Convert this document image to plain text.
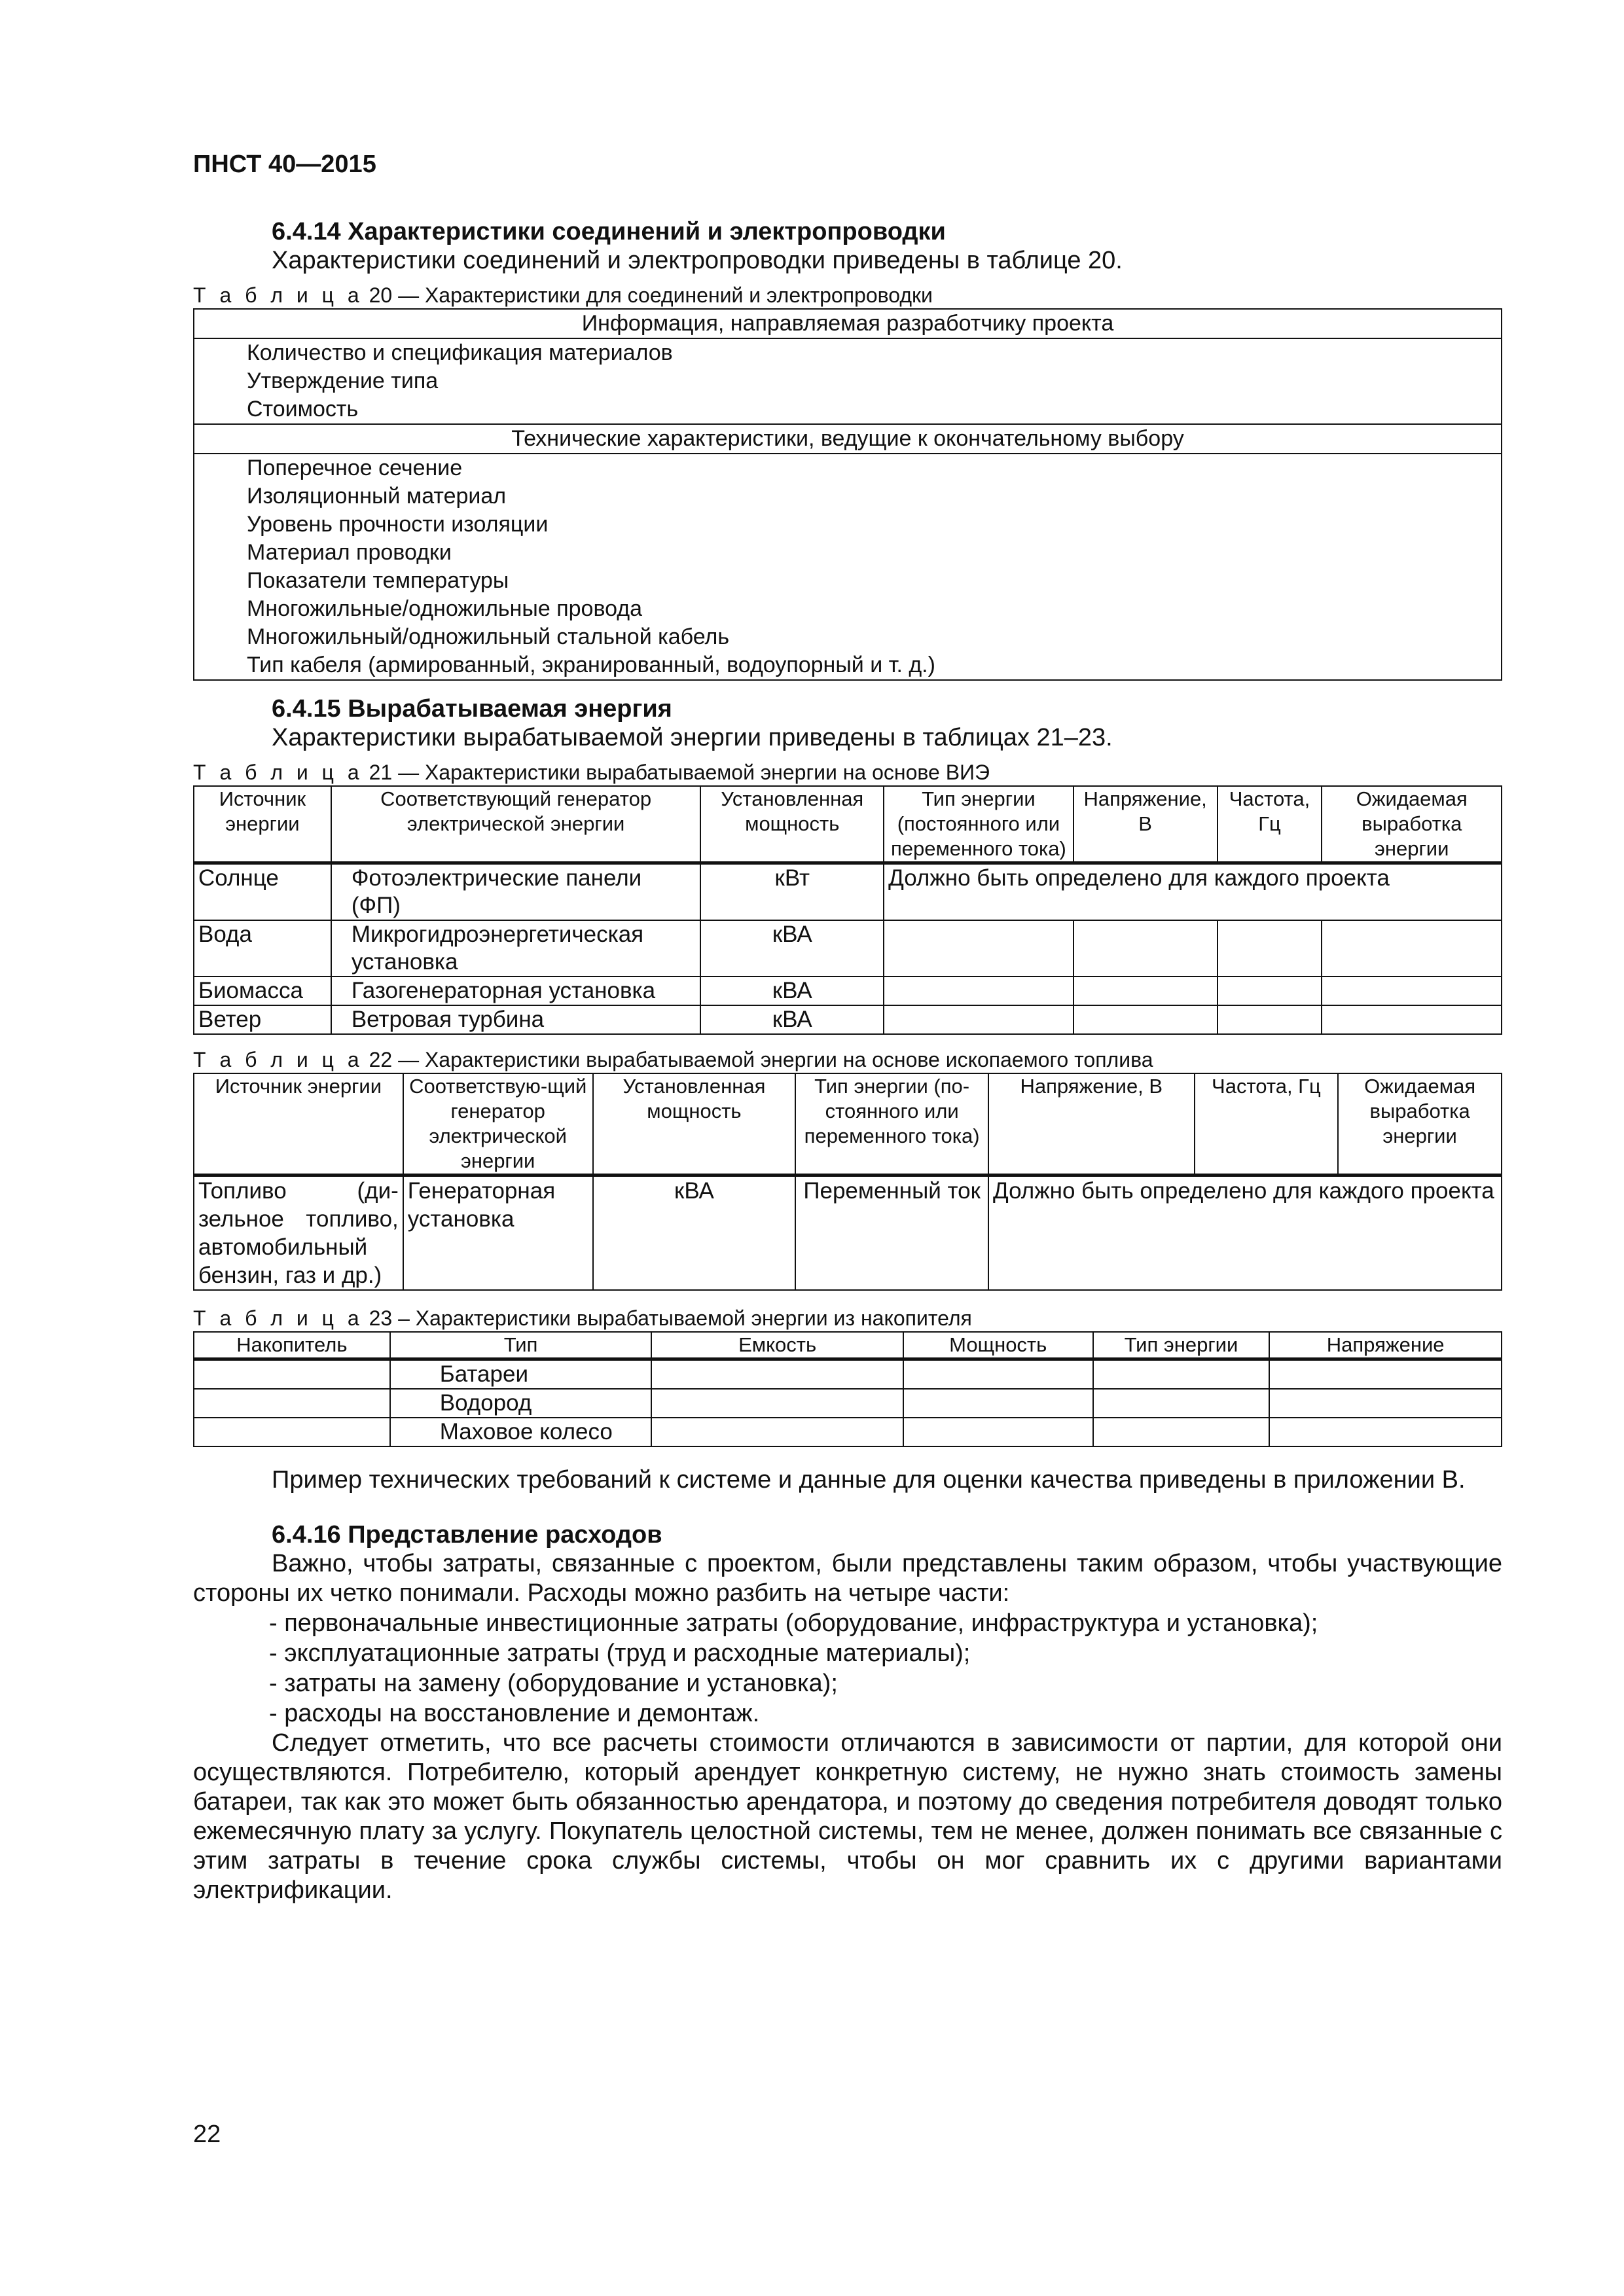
ПНСТ 40—2015

6.4.14 Характеристики соединений и электропроводки

Характеристики соединений и электропроводки приведены в таблице 20.

Т а б л и ц а 20 — Характеристики для соединений и электропроводки

Информация, направляемая разработчику проекта

Количество и спецификация материалов
Утверждение типа
Стоимость

Технические характеристики, ведущие к окончательному выбору

Поперечное сечение
Изоляционный материал
Уровень прочности изоляции
Материал проводки
Показатели температуры
Многожильные/одножильные провода
Многожильный/одножильный стальной кабель
Тип кабеля (армированный, экранированный, водоупорный и т. д.)

6.4.15 Вырабатываемая энергия

Характеристики вырабатываемой энергии приведены в таблицах 21–23.

Т а б л и ц а 21 — Характеристики вырабатываемой энергии на основе ВИЭ

Источник энергии	Соответствующий генератор электрической энергии	Установленная мощность	Тип энергии (постоянного или переменного тока)	Напряжение, В	Частота, Гц	Ожидаемая выработка энергии
Солнце	Фотоэлектрические панели (ФП)	кВт	Должно быть определено для каждого проекта			
Вода	Микрогидроэнергетическая установка	кВА				
Биомасса	Газогенераторная установка	кВА				
Ветер	Ветровая турбина	кВА				

Т а б л и ц а 22 — Характеристики вырабатываемой энергии на основе ископаемого топлива

Источник энергии	Соответствую-щий генератор электрической энергии	Установленная мощность	Тип энергии (по-стоянного или переменного тока)	Напряжение, В	Частота, Гц	Ожидаемая выработка энергии
Топливо (ди-зельное топливо, автомобильный бензин, газ и др.)	Генераторная установка	кВА	Переменный ток	Должно быть определено для каждого проекта		

Т а б л и ц а 23 – Характеристики вырабатываемой энергии из накопителя

Накопитель	Тип	Емкость	Мощность	Тип энергии	Напряжение
	Батареи				
	Водород				
	Маховое колесо				

Пример технических требований к системе и данные для оценки качества приведены в приложении В.

6.4.16 Представление расходов

Важно, чтобы затраты, связанные с проектом, были представлены таким образом, чтобы участвующие стороны их четко понимали. Расходы можно разбить на четыре части:

- первоначальные инвестиционные затраты (оборудование, инфраструктура и установка);

- эксплуатационные затраты (труд и расходные материалы);

- затраты на замену (оборудование и установка);

- расходы на восстановление и демонтаж.

Следует отметить, что все расчеты стоимости отличаются в зависимости от партии, для которой они осуществляются. Потребителю, который арендует конкретную систему, не нужно знать стоимость замены батареи, так как это может быть обязанностью арендатора, и поэтому до сведения потребителя доводят только ежемесячную плату за услугу. Покупатель целостной системы, тем не менее, должен понимать все связанные с этим затраты в течение срока службы системы, чтобы он мог сравнить их с другими вариантами электрификации.

22
